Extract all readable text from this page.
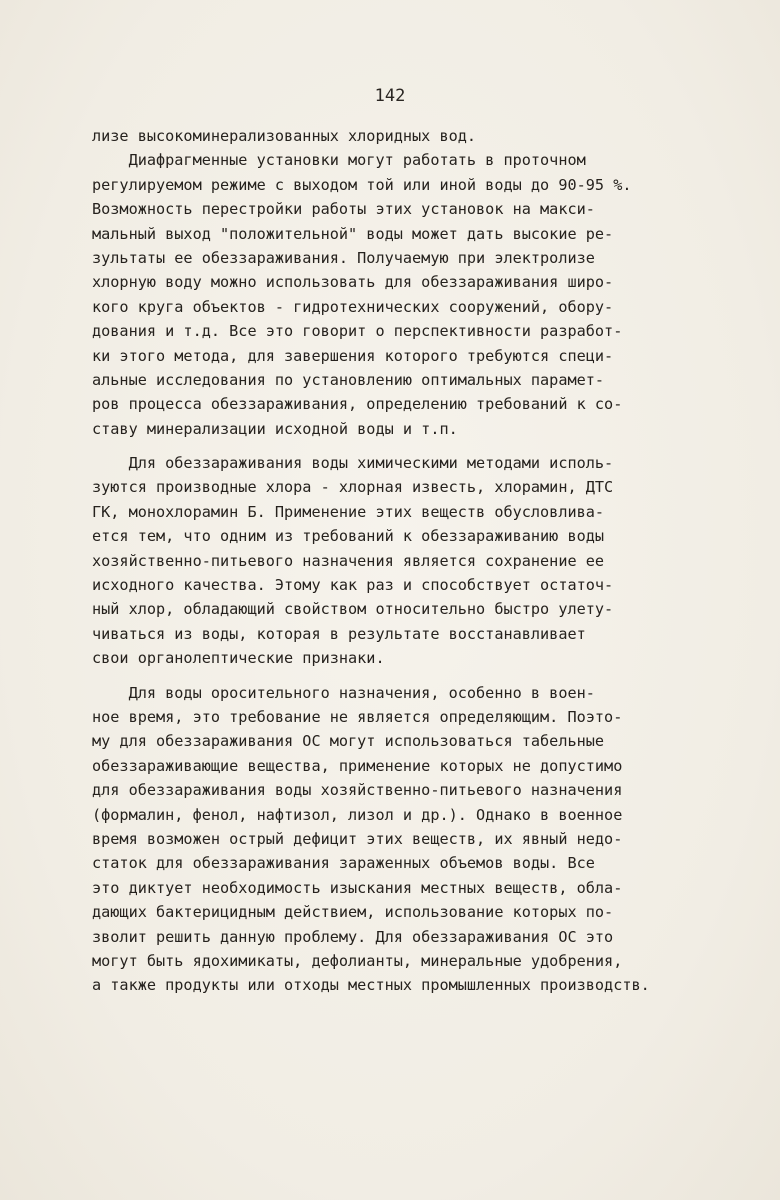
142
лизе высокоминерализованных хлоридных вод.
Диафрагменные установки могут работать в проточном
регулируемом режиме с выходом той или иной воды до 90-95 %.
Возможность перестройки работы этих установок на макси-
мальный выход "положительной" воды может дать высокие ре-
зультаты ее обеззараживания. Получаемую при электролизе
хлорную воду можно использовать для обеззараживания широ-
кого круга объектов - гидротехнических сооружений, обору-
дования и т.д. Все это говорит о перспективности разработ-
ки этого метода, для завершения которого требуются специ-
альные исследования по установлению оптимальных парамет-
ров процесса обеззараживания, определению требований к со-
ставу минерализации исходной воды и т.п.
Для обеззараживания воды химическими методами исполь-
зуются производные хлора - хлорная известь, хлорамин, ДТС
ГК, монохлорамин Б. Применение этих веществ обусловлива-
ется тем, что одним из требований к обеззараживанию воды
хозяйственно-питьевого назначения является сохранение ее
исходного качества. Этому как раз и способствует остаточ-
ный хлор, обладающий свойством относительно быстро улету-
чиваться из воды, которая в результате восстанавливает
свои органолептические признаки.
Для воды оросительного назначения, особенно в воен-
ное время, это требование не является определяющим. Поэто-
му для обеззараживания ОС могут использоваться табельные
обеззараживающие вещества, применение которых не допустимо
для обеззараживания воды хозяйственно-питьевого назначения
(формалин, фенол, нафтизол, лизол и др.). Однако в военное
время возможен острый дефицит этих веществ, их явный недо-
статок для обеззараживания зараженных объемов воды. Все
это диктует необходимость изыскания местных веществ, обла-
дающих бактерицидным действием, использование которых по-
зволит решить данную проблему. Для обеззараживания ОС это
могут быть ядохимикаты, дефолианты, минеральные удобрения,
а также продукты или отходы местных промышленных производств.
